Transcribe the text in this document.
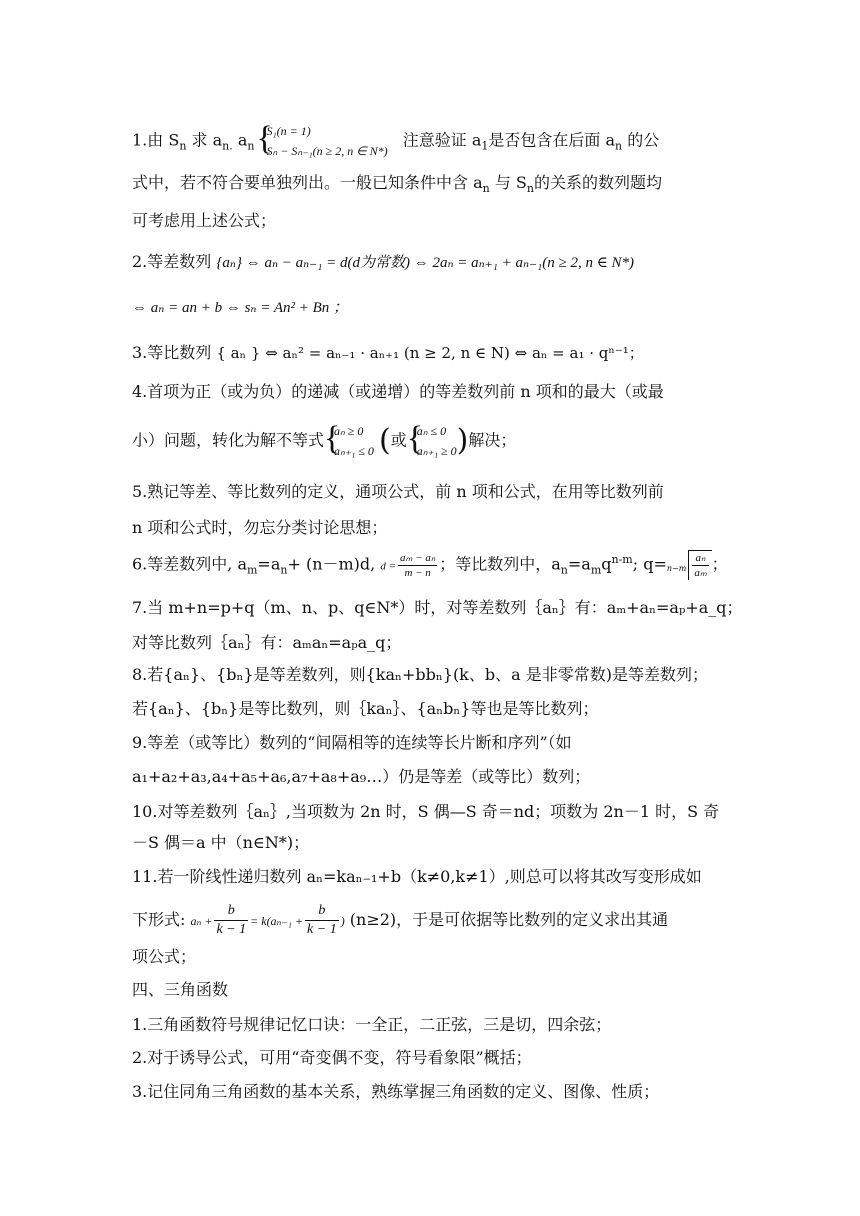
1.由 $S_n$ 求 $a_{n.}$ $a_n$
{ S₁(n = 1)
Sₙ − Sₙ₋₁(n ≥ 2, n ∈ N*)
注意验证 $a_1$是否包含在后面 $a_n$ 的公
式中，若不符合要单独列出。一般已知条件中含 $a_n$ 与 $S_n$的关系的数列题均
可考虑用上述公式；
2.等差数列 {aₙ} ⇔ aₙ − aₙ₋₁ = d(d为常数) ⇔ 2aₙ = aₙ₊₁ + aₙ₋₁(n ≥ 2, n ∈ N*)
⇔ aₙ = an + b ⇔ sₙ = An² + Bn ；
3.等比数列 { aₙ } ⇔ aₙ² = aₙ₋₁ · aₙ₊₁ (n ≥ 2, n ∈ N) ⇔ aₙ = a₁ · qⁿ⁻¹；
4.首项为正（或为负）的递减（或递增）的等差数列前 n 项和的最大（或最
小）问题，转化为解不等式 { aₙ ≥ 0
aₙ₊₁ ≤ 0 (或 { aₙ ≤ 0
aₙ₊₁ ≥ 0 )解决；
5.熟记等差、等比数列的定义，通项公式，前 n 项和公式，在用等比数列前
n 项和公式时，勿忘分类讨论思想；
6.等差数列中, $a_m=a_n+ (n-m)d$, $d = \frac{\text{aₘ − aₙ}}{m - n}$ ；等比数列中，$a_n=a_mq^{n-m}$; $q=n-m \frac{\text{aₙ}}{\text{aₘ}}$ ；
7.当 m+n=p+q（m、n、p、q∈N*）时，对等差数列｛aₙ｝有：aₘ+aₙ=aₚ+a_q；
对等比数列｛aₙ｝有：aₘaₙ=aₚa_q；
8.若{aₙ}、{bₙ}是等差数列，则{kaₙ+bbₙ}(k、b、a 是非零常数)是等差数列；
若{aₙ}、{bₙ}是等比数列，则｛kaₙ｝、{aₙbₙ}等也是等比数列；
9.等差（或等比）数列的“间隔相等的连续等长片断和序列”（如
a₁+a₂+a₃,a₄+a₅+a₆,a₇+a₈+a₉…）仍是等差（或等比）数列；
10.对等差数列｛aₙ｝,当项数为 2n 时，S 偶—S 奇＝nd；项数为 2n－1 时，S 奇
－S 偶＝a 中（n∈N*)；
11.若一阶线性递归数列 aₙ=kaₙ₋₁+b（k≠0,k≠1）,则总可以将其改写变形成如
下形式: $a_n + \frac{b}{k - 1} = k(a_{n-1} + \frac{b}{k - 1}$ ) (n≥2)，于是可依据等比数列的定义求出其通
项公式；
四、三角函数
1.三角函数符号规律记忆口诀：一全正，二正弦，三是切，四余弦；
2.对于诱导公式，可用“奇变偶不变，符号看象限”概括；
3.记住同角三角函数的基本关系，熟练掌握三角函数的定义、图像、性质；
